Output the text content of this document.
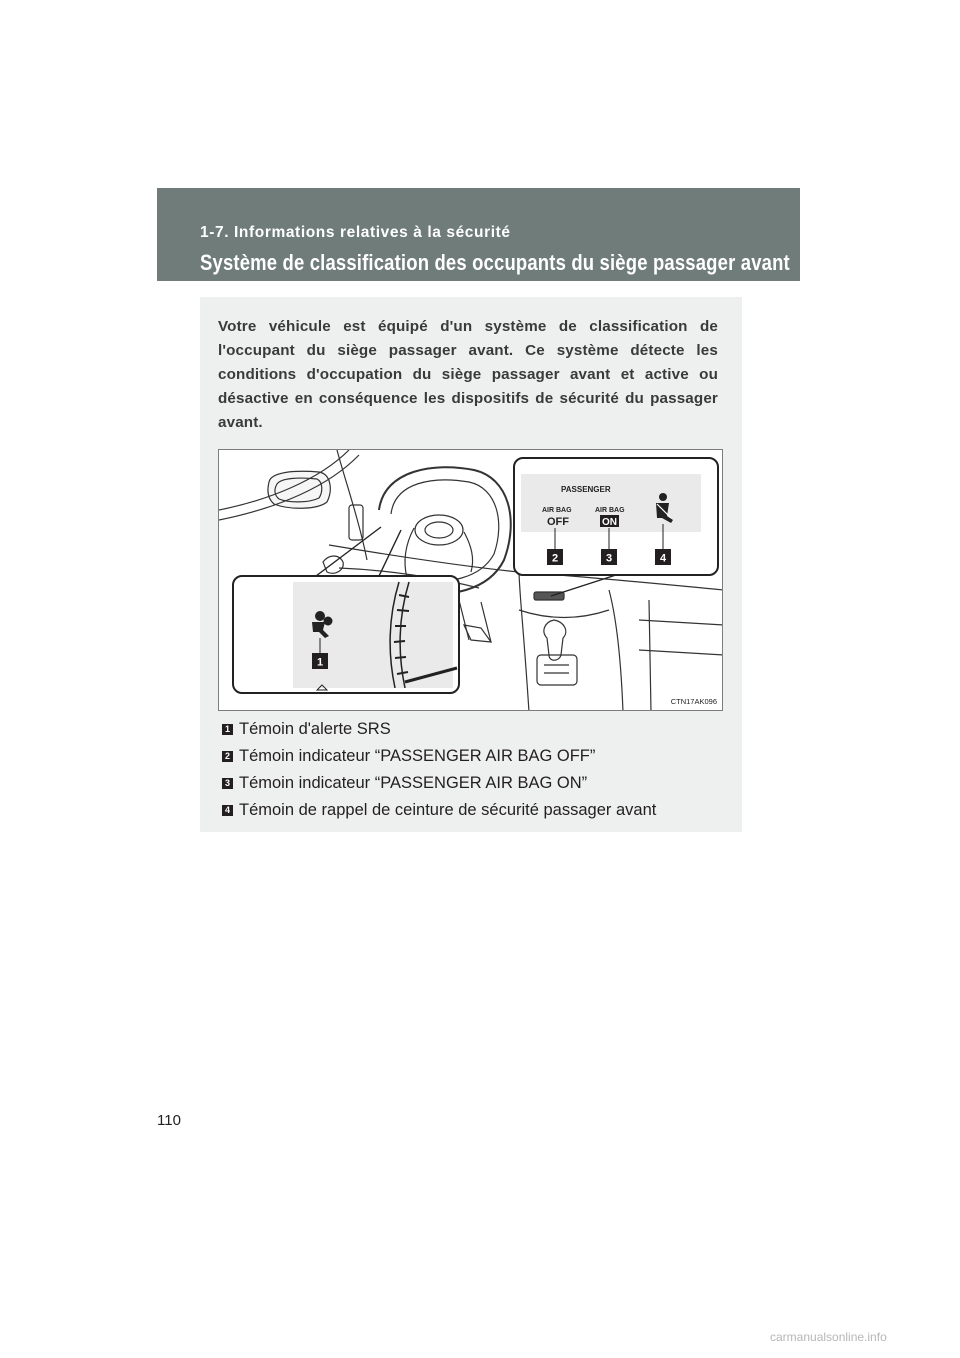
1-7. Informations relatives à la sécurité
Système de classification des occupants du siège passager avant

Votre véhicule est équipé d'un système de classification de l'occupant du siège passager avant. Ce système détecte les conditions d'occupation du siège passager avant et active ou désactive en conséquence les dispositifs de sécurité du passager avant.

1
PASSENGER
AIR BAG
OFF
AIR BAG
ON
2	3	4
CTN17AK096
1 Témoin d'alerte SRS
2 Témoin indicateur “PASSENGER AIR BAG OFF”
3 Témoin indicateur “PASSENGER AIR BAG ON”
4 Témoin de rappel de ceinture de sécurité passager avant
110
carmanualsonline.info
